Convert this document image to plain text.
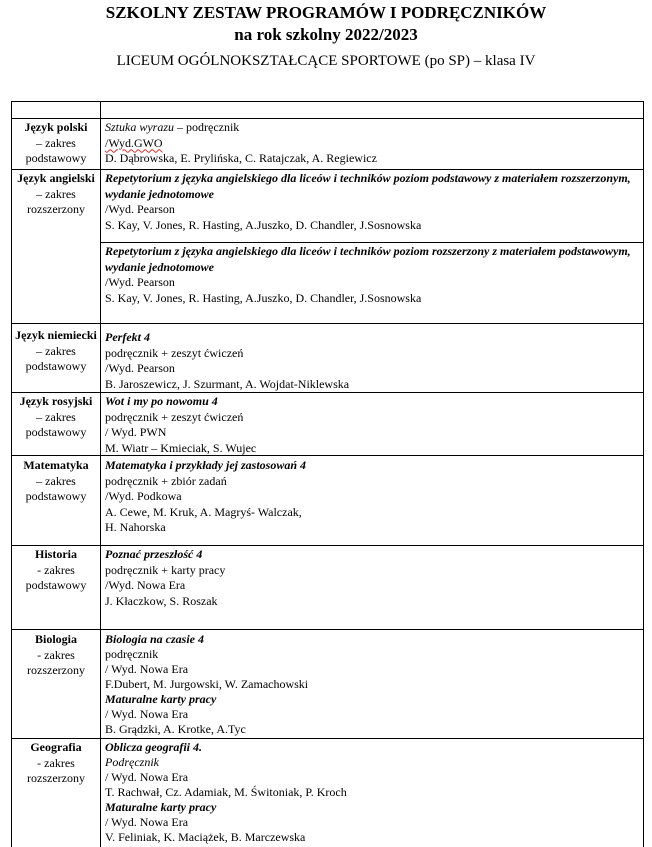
SZKOLNY ZESTAW PROGRAMÓW I PODRĘCZNIKÓW
na rok szkolny 2022/2023
LICEUM OGÓLNOKSZTAŁCĄCE SPORTOWE (po SP) – klasa IV
Język polski
– zakres podstawowy
Sztuka wyrazu – podręcznik
/Wyd.GWO
D. Dąbrowska, E. Prylińska, C. Ratajczak, A. Regiewicz
Język angielski
– zakres rozszerzony
Repetytorium z języka angielskiego dla liceów i techników poziom podstawowy z materiałem rozszerzonym, wydanie jednotomowe
/Wyd. Pearson
S. Kay, V. Jones, R. Hasting, A.Juszko, D. Chandler, J.Sosnowska
Repetytorium z języka angielskiego dla liceów i techników poziom rozszerzony z materiałem podstawowym, wydanie jednotomowe
/Wyd. Pearson
S. Kay, V. Jones, R. Hasting, A.Juszko, D. Chandler, J.Sosnowska
Język niemiecki
– zakres podstawowy
Perfekt 4
podręcznik + zeszyt ćwiczeń
/Wyd. Pearson
B. Jaroszewicz, J. Szurmant, A. Wojdat-Niklewska
Język rosyjski
– zakres podstawowy
Wot i my po nowomu 4
podręcznik + zeszyt ćwiczeń
/ Wyd. PWN
M. Wiatr – Kmieciak, S. Wujec
Matematyka
– zakres podstawowy
Matematyka i przykłady jej zastosowań 4
podręcznik + zbiór zadań
/Wyd. Podkowa
A. Cewe, M. Kruk, A. Magryś- Walczak,
H. Nahorska
Historia
- zakres podstawowy
Poznać przeszłość 4
podręcznik + karty pracy
/Wyd. Nowa Era
J. Kłaczkow, S. Roszak
Biologia
- zakres rozszerzony
Biologia na czasie 4
podręcznik
/ Wyd. Nowa Era
F.Dubert, M. Jurgowski, W. Zamachowski
Maturalne karty pracy
/ Wyd. Nowa Era
B. Grądzki, A. Krotke, A.Tyc
Geografia
- zakres rozszerzony
Oblicza geografii 4.
Podręcznik
/ Wyd. Nowa Era
T. Rachwał, Cz. Adamiak, M. Świtoniak, P. Kroch
Maturalne karty pracy
/ Wyd. Nowa Era
V. Feliniak, K. Maciążek, B. Marczewska
